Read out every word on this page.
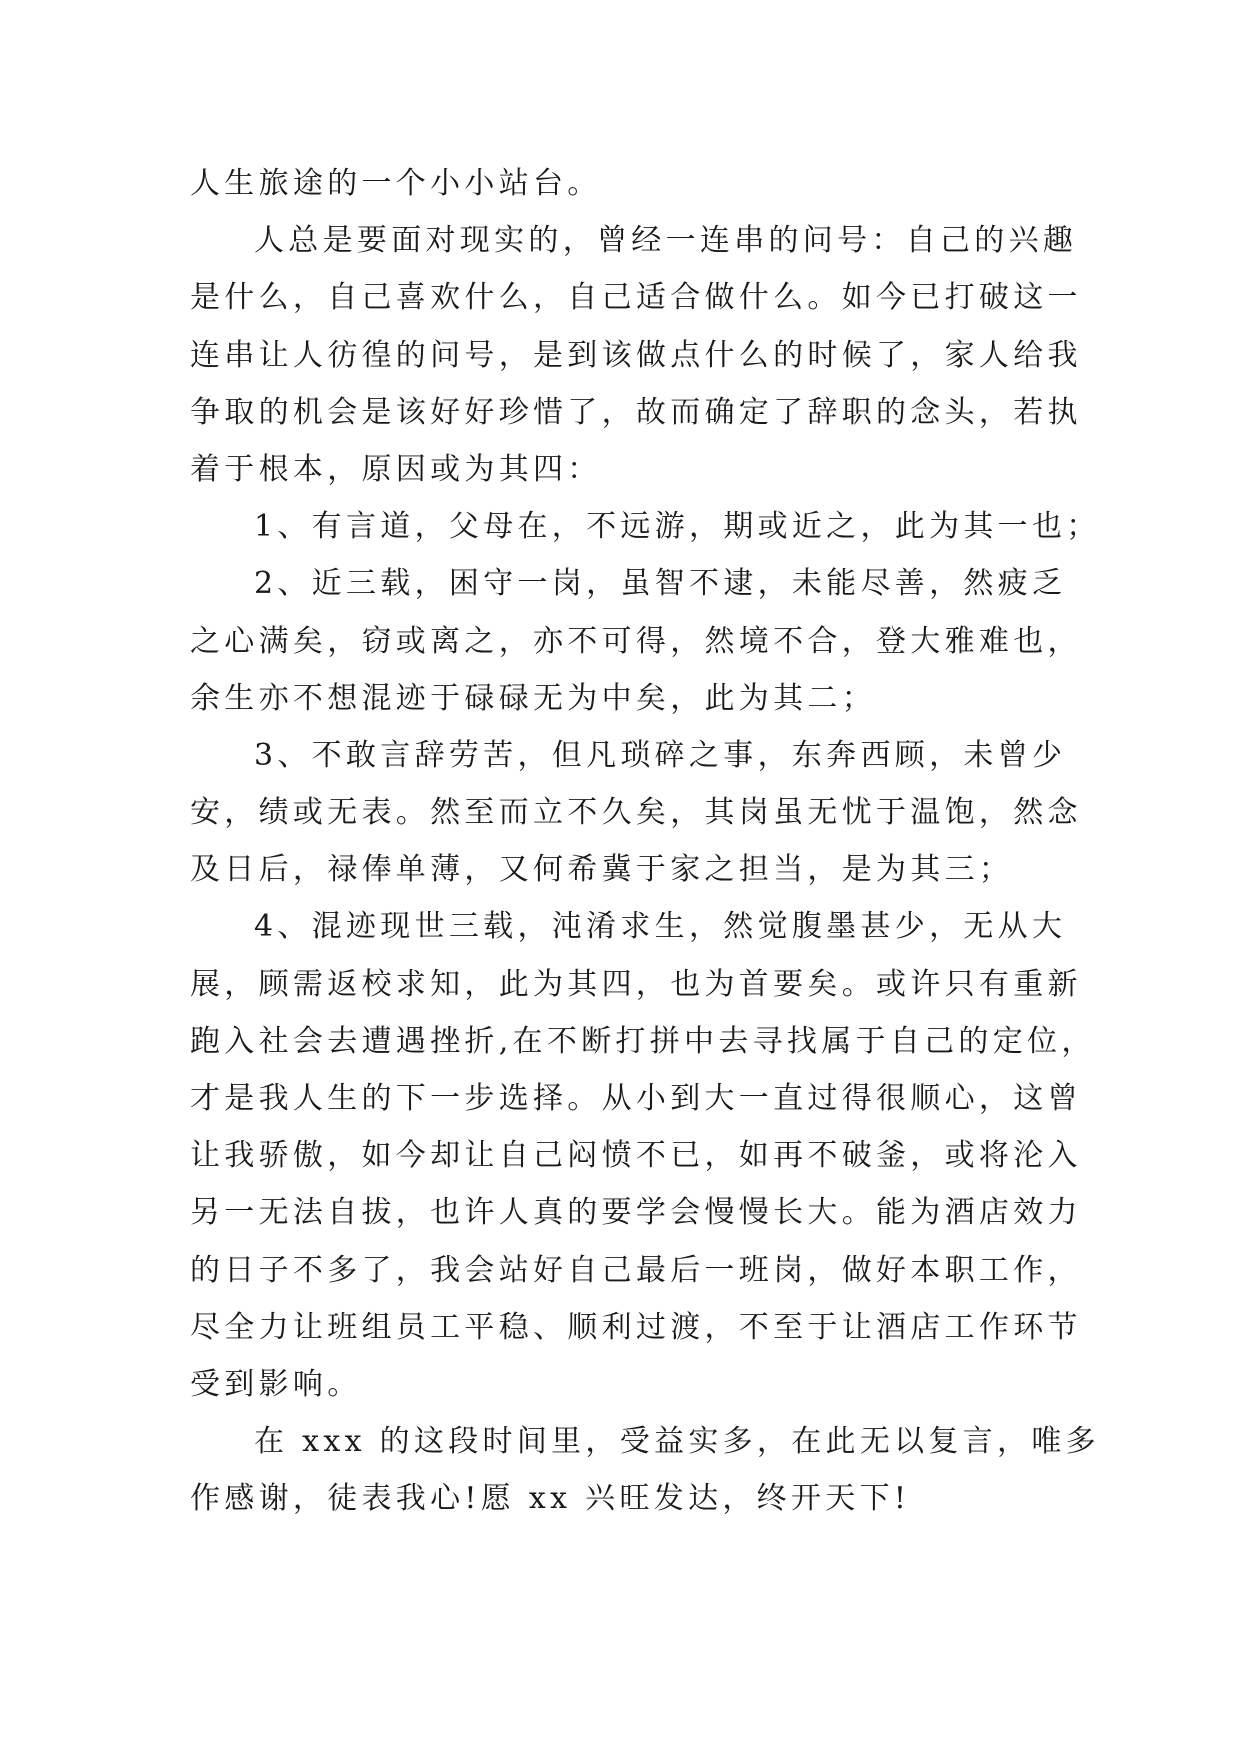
人生旅途的一个小小站台。
人总是要面对现实的，曾经一连串的问号：自己的兴趣
是什么，自己喜欢什么，自己适合做什么。如今已打破这一
连串让人彷徨的问号，是到该做点什么的时候了，家人给我
争取的机会是该好好珍惜了，故而确定了辞职的念头，若执
着于根本，原因或为其四：
1、有言道，父母在，不远游，期或近之，此为其一也；
2、近三载，困守一岗，虽智不逮，未能尽善，然疲乏
之心满矣，窃或离之，亦不可得，然境不合，登大雅难也，
余生亦不想混迹于碌碌无为中矣，此为其二；
3、不敢言辞劳苦，但凡琐碎之事，东奔西顾，未曾少
安，绩或无表。然至而立不久矣，其岗虽无忧于温饱，然念
及日后，禄俸单薄，又何希冀于家之担当，是为其三；
4、混迹现世三载，沌淆求生，然觉腹墨甚少，无从大
展，顾需返校求知，此为其四，也为首要矣。或许只有重新
跑入社会去遭遇挫折,在不断打拼中去寻找属于自己的定位，
才是我人生的下一步选择。从小到大一直过得很顺心，这曾
让我骄傲，如今却让自己闷愤不已，如再不破釜，或将沦入
另一无法自拔，也许人真的要学会慢慢长大。能为酒店效力
的日子不多了，我会站好自己最后一班岗，做好本职工作，
尽全力让班组员工平稳、顺利过渡，不至于让酒店工作环节
受到影响。
在 xxx 的这段时间里，受益实多，在此无以复言，唯多
作感谢，徒表我心!愿 xx 兴旺发达，终开天下!
